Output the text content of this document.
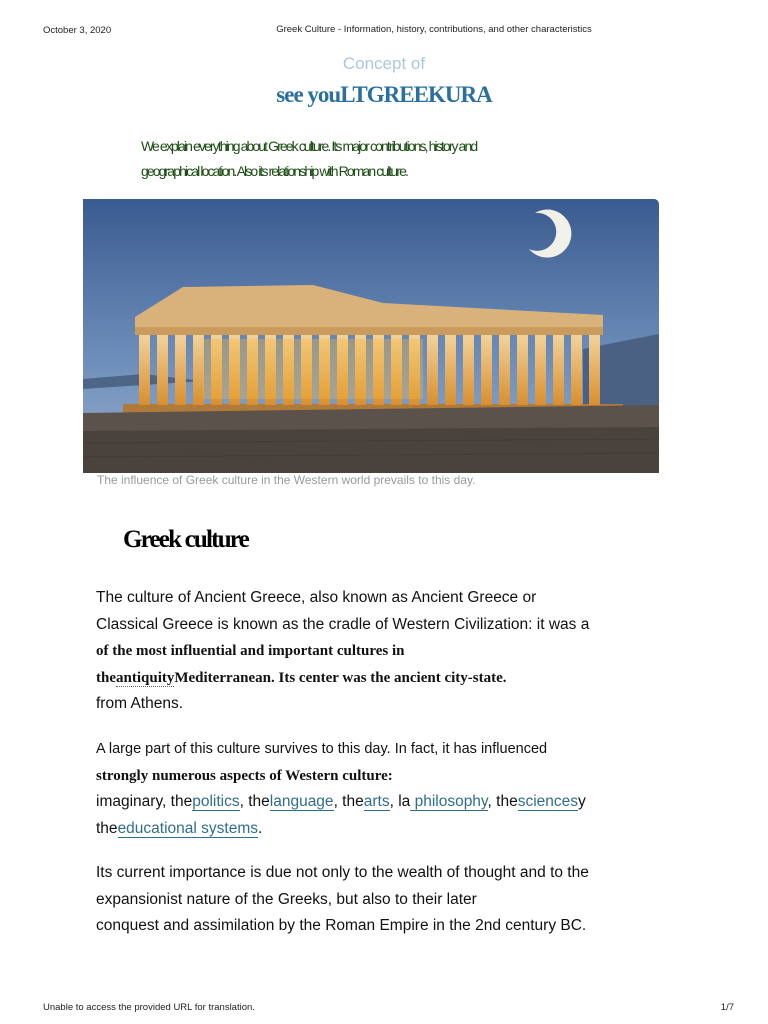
October 3, 2020	Greek Culture - Information, history, contributions, and other characteristics
Concept of
see youLTGREEKURA
We explain everything about Greek culture. Its major contributions, history and
geographical location. Also its relationship with Roman culture.
The influence of Greek culture in the Western world prevails to this day.
Greek culture
The culture of Ancient Greece, also known as Ancient Greece or
Classical Greece is known as the cradle of Western Civilization: it was a
of the most influential and important cultures in
theantiquityMediterranean. Its center was the ancient city-state.
from Athens.
A large part of this culture survives to this day. In fact, it has influenced
strongly numerous aspects of Western culture:
imaginary, thepolitics, thelanguage, thearts, la philosophy, thesciencesy
theeducational systems.
Its current importance is due not only to the wealth of thought and to the
expansionist nature of the Greeks, but also to their later
conquest and assimilation by the Roman Empire in the 2nd century BC.
Unable to access the provided URL for translation.	1/7
